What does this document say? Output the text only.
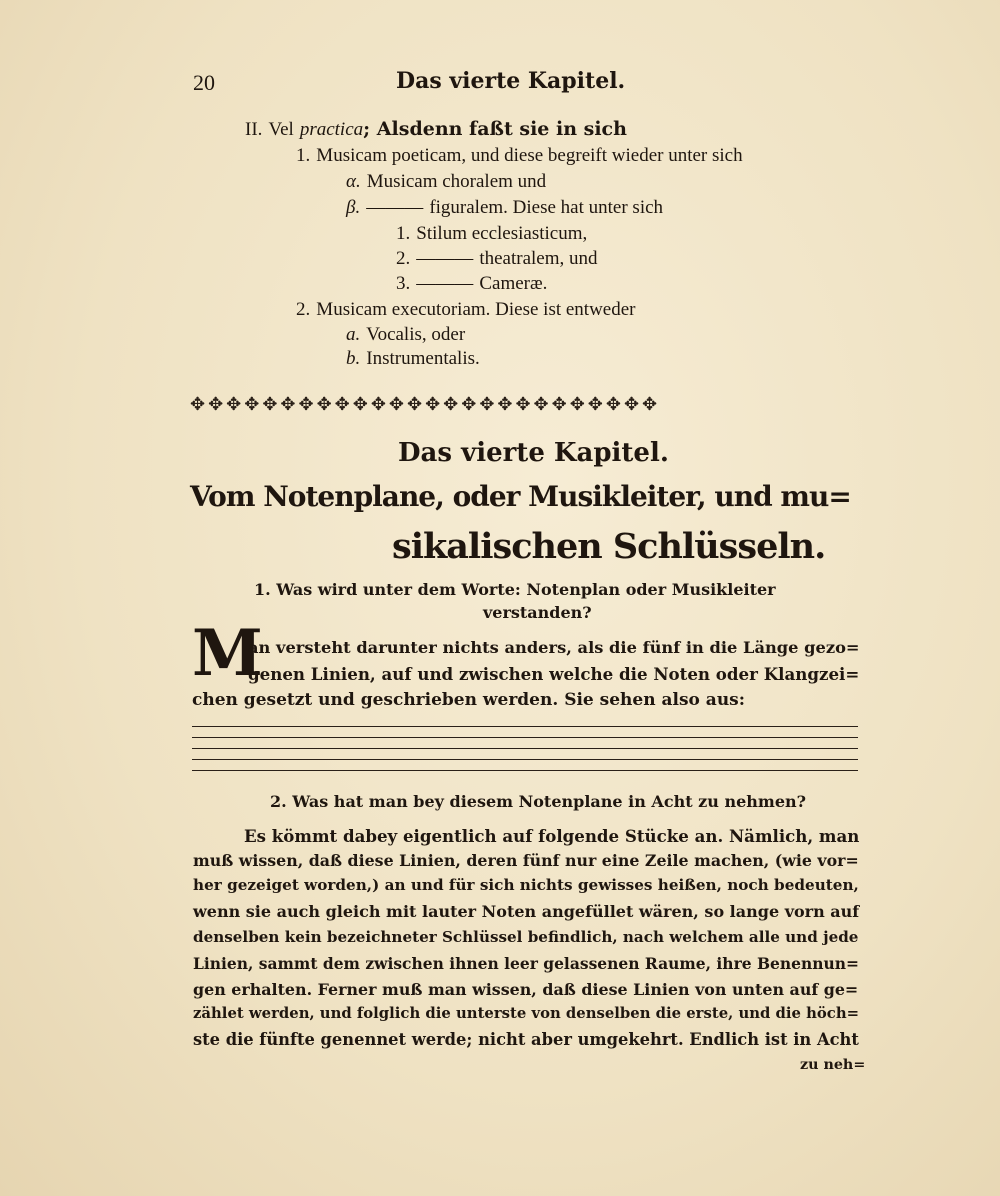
20	Das vierte Kapitel.
II. Vel practica; Alsdenn faßt sie in sich
1. Musicam poeticam, und diese begreift wieder unter sich
α. Musicam choralem und
β. ——— figuralem. Diese hat unter sich
1. Stilum ecclesiasticum,
2. ——— theatralem, und
3. ——— Cameræ.
2. Musicam executoriam. Diese ist entweder
a. Vocalis, oder
b. Instrumentalis.
✥✥✥✥✥✥✥✥✥✥✥✥✥✥✥✥✥✥✥✥✥✥✥✥✥✥
Das vierte Kapitel.
Vom Notenplane, oder Musikleiter, und mu=
sikalischen Schlüsseln.
1. Was wird unter dem Worte: Notenplan oder Musikleiter
verstanden?
M
an versteht darunter nichts anders, als die fünf in die Länge gezo=
genen Linien, auf und zwischen welche die Noten oder Klangzei=
chen gesetzt und geschrieben werden. Sie sehen also aus:
2. Was hat man bey diesem Notenplane in Acht zu nehmen?
Es kömmt dabey eigentlich auf folgende Stücke an. Nämlich, man
muß wissen, daß diese Linien, deren fünf nur eine Zeile machen, (wie vor=
her gezeiget worden,) an und für sich nichts gewisses heißen, noch bedeuten,
wenn sie auch gleich mit lauter Noten angefüllet wären, so lange vorn auf
denselben kein bezeichneter Schlüssel befindlich, nach welchem alle und jede
Linien, sammt dem zwischen ihnen leer gelassenen Raume, ihre Benennun=
gen erhalten. Ferner muß man wissen, daß diese Linien von unten auf ge=
zählet werden, und folglich die unterste von denselben die erste, und die höch=
ste die fünfte genennet werde; nicht aber umgekehrt. Endlich ist in Acht
zu neh=
